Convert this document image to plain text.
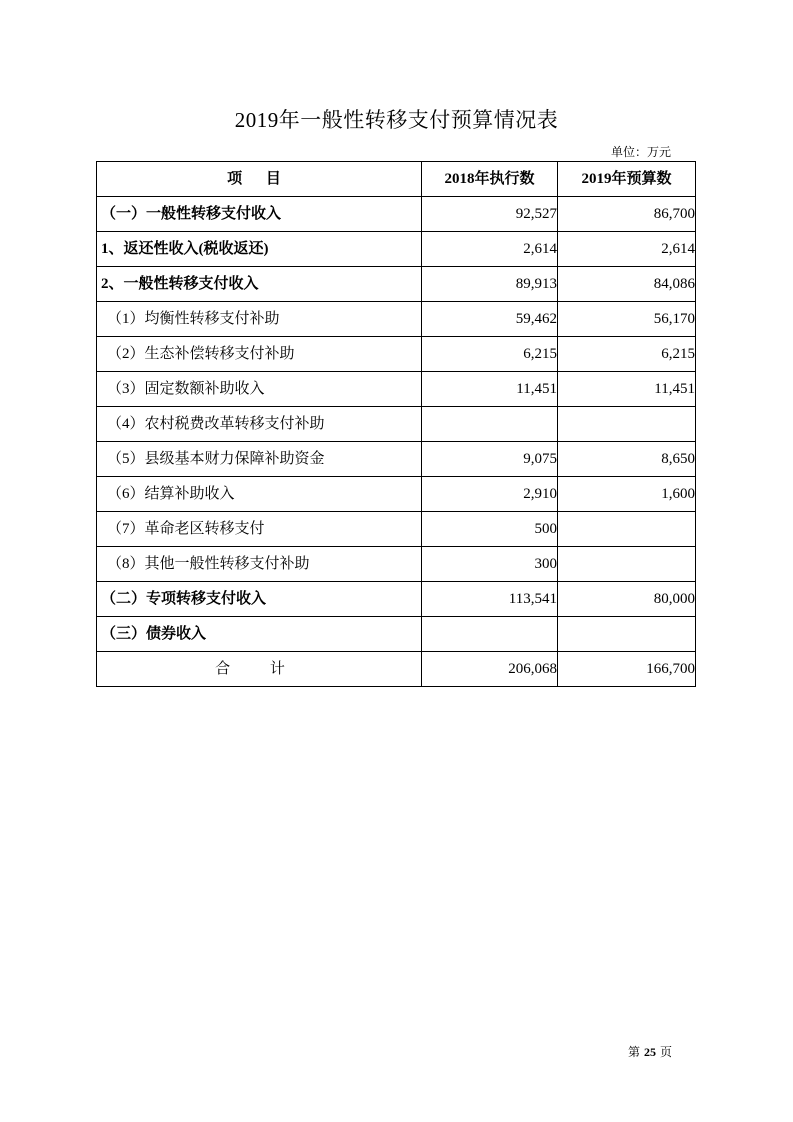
2019年一般性转移支付预算情况表
单位：万元
项 目	2018年执行数	2019年预算数
（一）一般性转移支付收入	92,527	86,700
1、返还性收入(税收返还)	2,614	2,614
2、一般性转移支付收入	89,913	84,086
（1）均衡性转移支付补助	59,462	56,170
（2）生态补偿转移支付补助	6,215	6,215
（3）固定数额补助收入	11,451	11,451
（4）农村税费改革转移支付补助		
（5）县级基本财力保障补助资金	9,075	8,650
（6）结算补助收入	2,910	1,600
（7）革命老区转移支付	500	
（8）其他一般性转移支付补助	300	
（二）专项转移支付收入	113,541	80,000
（三）债券收入		
合 计	206,068	166,700
第 25 页
